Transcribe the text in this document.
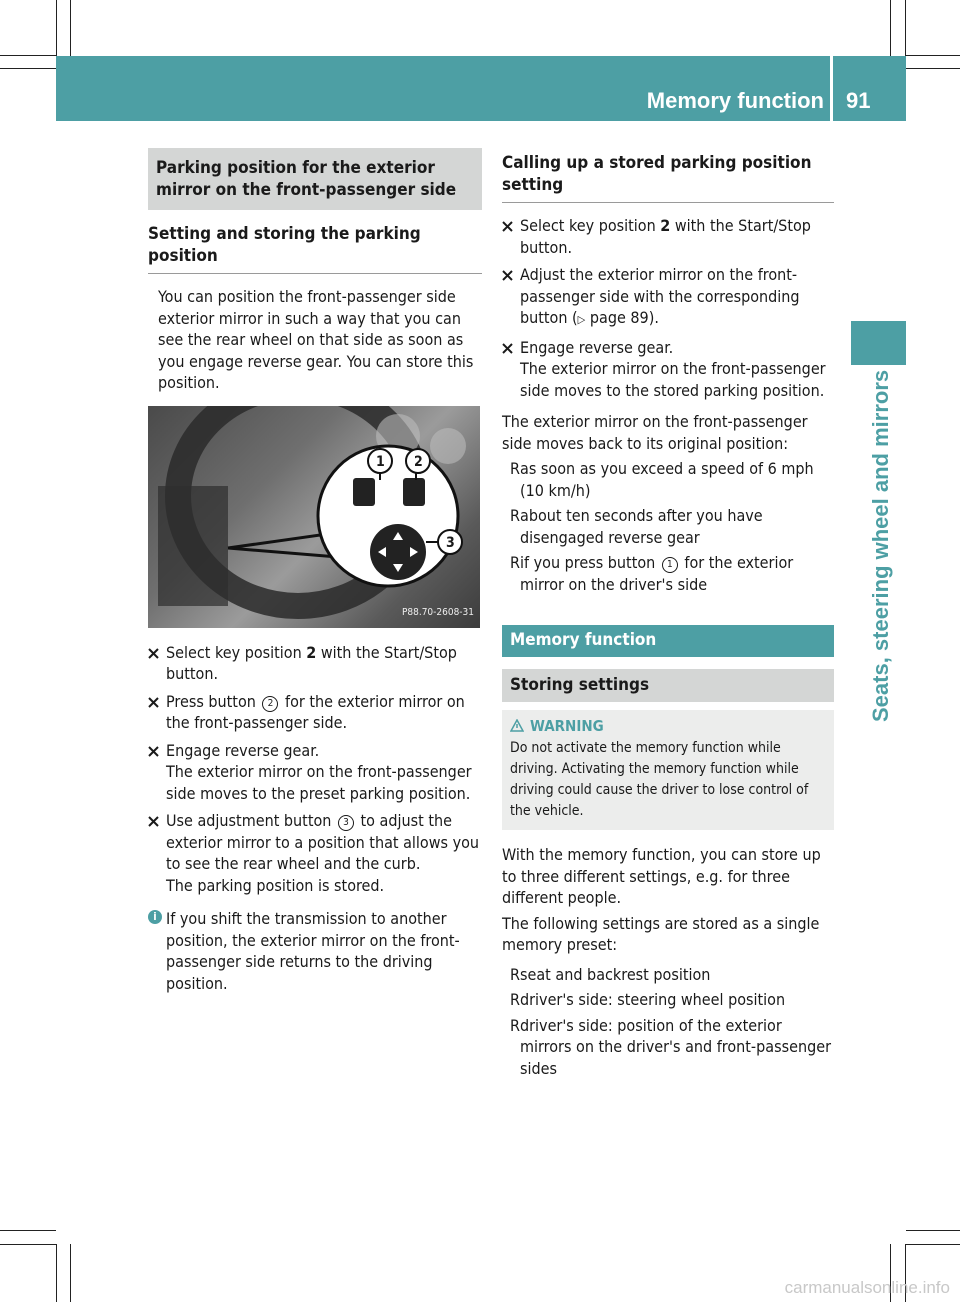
Memory function 91
Seats, steering wheel and mirrors
Parking position for the exterior mirror on the front-passenger side
Setting and storing the parking position

You can position the front-passenger side exterior mirror in such a way that you can see the rear wheel on that side as soon as you engage reverse gear. You can store this position.

1 2
3
P88.70-2608-31
Select key position 2 with the Start/Stop button.
Press button 2 for the exterior mirror on the front-passenger side.
Engage reverse gear.
The exterior mirror on the front-passenger side moves to the preset parking position.
Use adjustment button 3 to adjust the exterior mirror to a position that allows you to see the rear wheel and the curb.
The parking position is stored.
i If you shift the transmission to another position, the exterior mirror on the front-passenger side returns to the driving position.
Calling up a stored parking position setting
Select key position 2 with the Start/Stop button.
Adjust the exterior mirror on the front-passenger side with the corresponding button (▷ page 89).
Engage reverse gear.
The exterior mirror on the front-passenger side moves to the stored parking position.

The exterior mirror on the front-passenger side moves back to its original position:

R as soon as you exceed a speed of 6 mph (10 km/h)
R about ten seconds after you have disengaged reverse gear
R if you press button 1 for the exterior mirror on the driver's side
Memory function
Storing settings
WARNING
Do not activate the memory function while driving. Activating the memory function while driving could cause the driver to lose control of the vehicle.

With the memory function, you can store up to three different settings, e.g. for three different people.

The following settings are stored as a single memory preset:

R seat and backrest position
R driver's side: steering wheel position
R driver's side: position of the exterior mirrors on the driver's and front-passenger sides
carmanualsonline.info
